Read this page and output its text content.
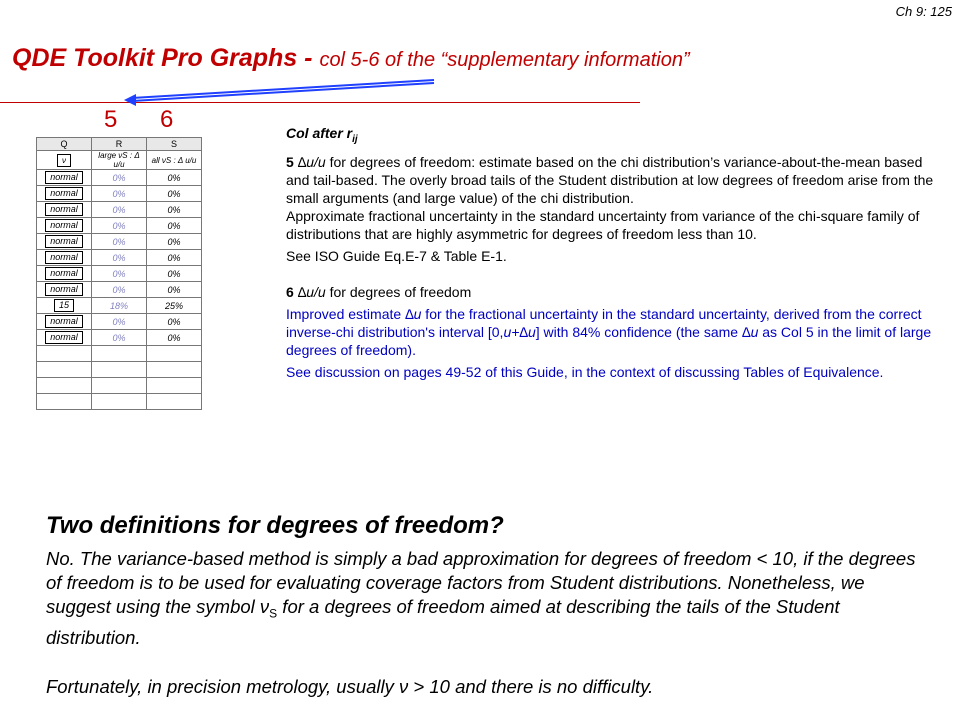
Ch 9: 125
QDE Toolkit Pro Graphs - col 5-6 of the “supplementary information”
5 6
Q	R	S
ν	large νS : Δ u/u	all νS : Δ u/u
normal	0%	0%
normal	0%	0%
normal	0%	0%
normal	0%	0%
normal	0%	0%
normal	0%	0%
normal	0%	0%
normal	0%	0%
15	18%	25%
normal	0%	0%
normal	0%	0%

Col after $r_{ij}$

5 ∆u/u for degrees of freedom: estimate based on the chi distribution’s variance-about-the-mean based and tail-based. The overly broad tails of the Student distribution at low degrees of freedom arise from the small arguments (and large value) of the chi distribution.
Approximate fractional uncertainty in the standard uncertainty from variance of the chi-square family of distributions that are highly asymmetric for degrees of freedom less than 10.

See ISO Guide Eq.E-7 & Table E-1.

6 ∆u/u for degrees of freedom

Improved estimate ∆u for the fractional uncertainty in the standard uncertainty, derived from the correct inverse-chi distribution's interval [0,u+∆u] with 84% confidence (the same ∆u as Col 5 in the limit of large degrees of freedom).

See discussion on pages 49-52 of this Guide, in the context of discussing Tables of Equivalence.

Two definitions for degrees of freedom?
No. The variance-based method is simply a bad approximation for degrees of freedom < 10, if the degrees of freedom is to be used for evaluating coverage factors from Student distributions. Nonetheless, we suggest using the symbol $\nu_S$ for a degrees of freedom aimed at describing the tails of the Student distribution.
Fortunately, in precision metrology, usually ν > 10 and there is no difficulty.
